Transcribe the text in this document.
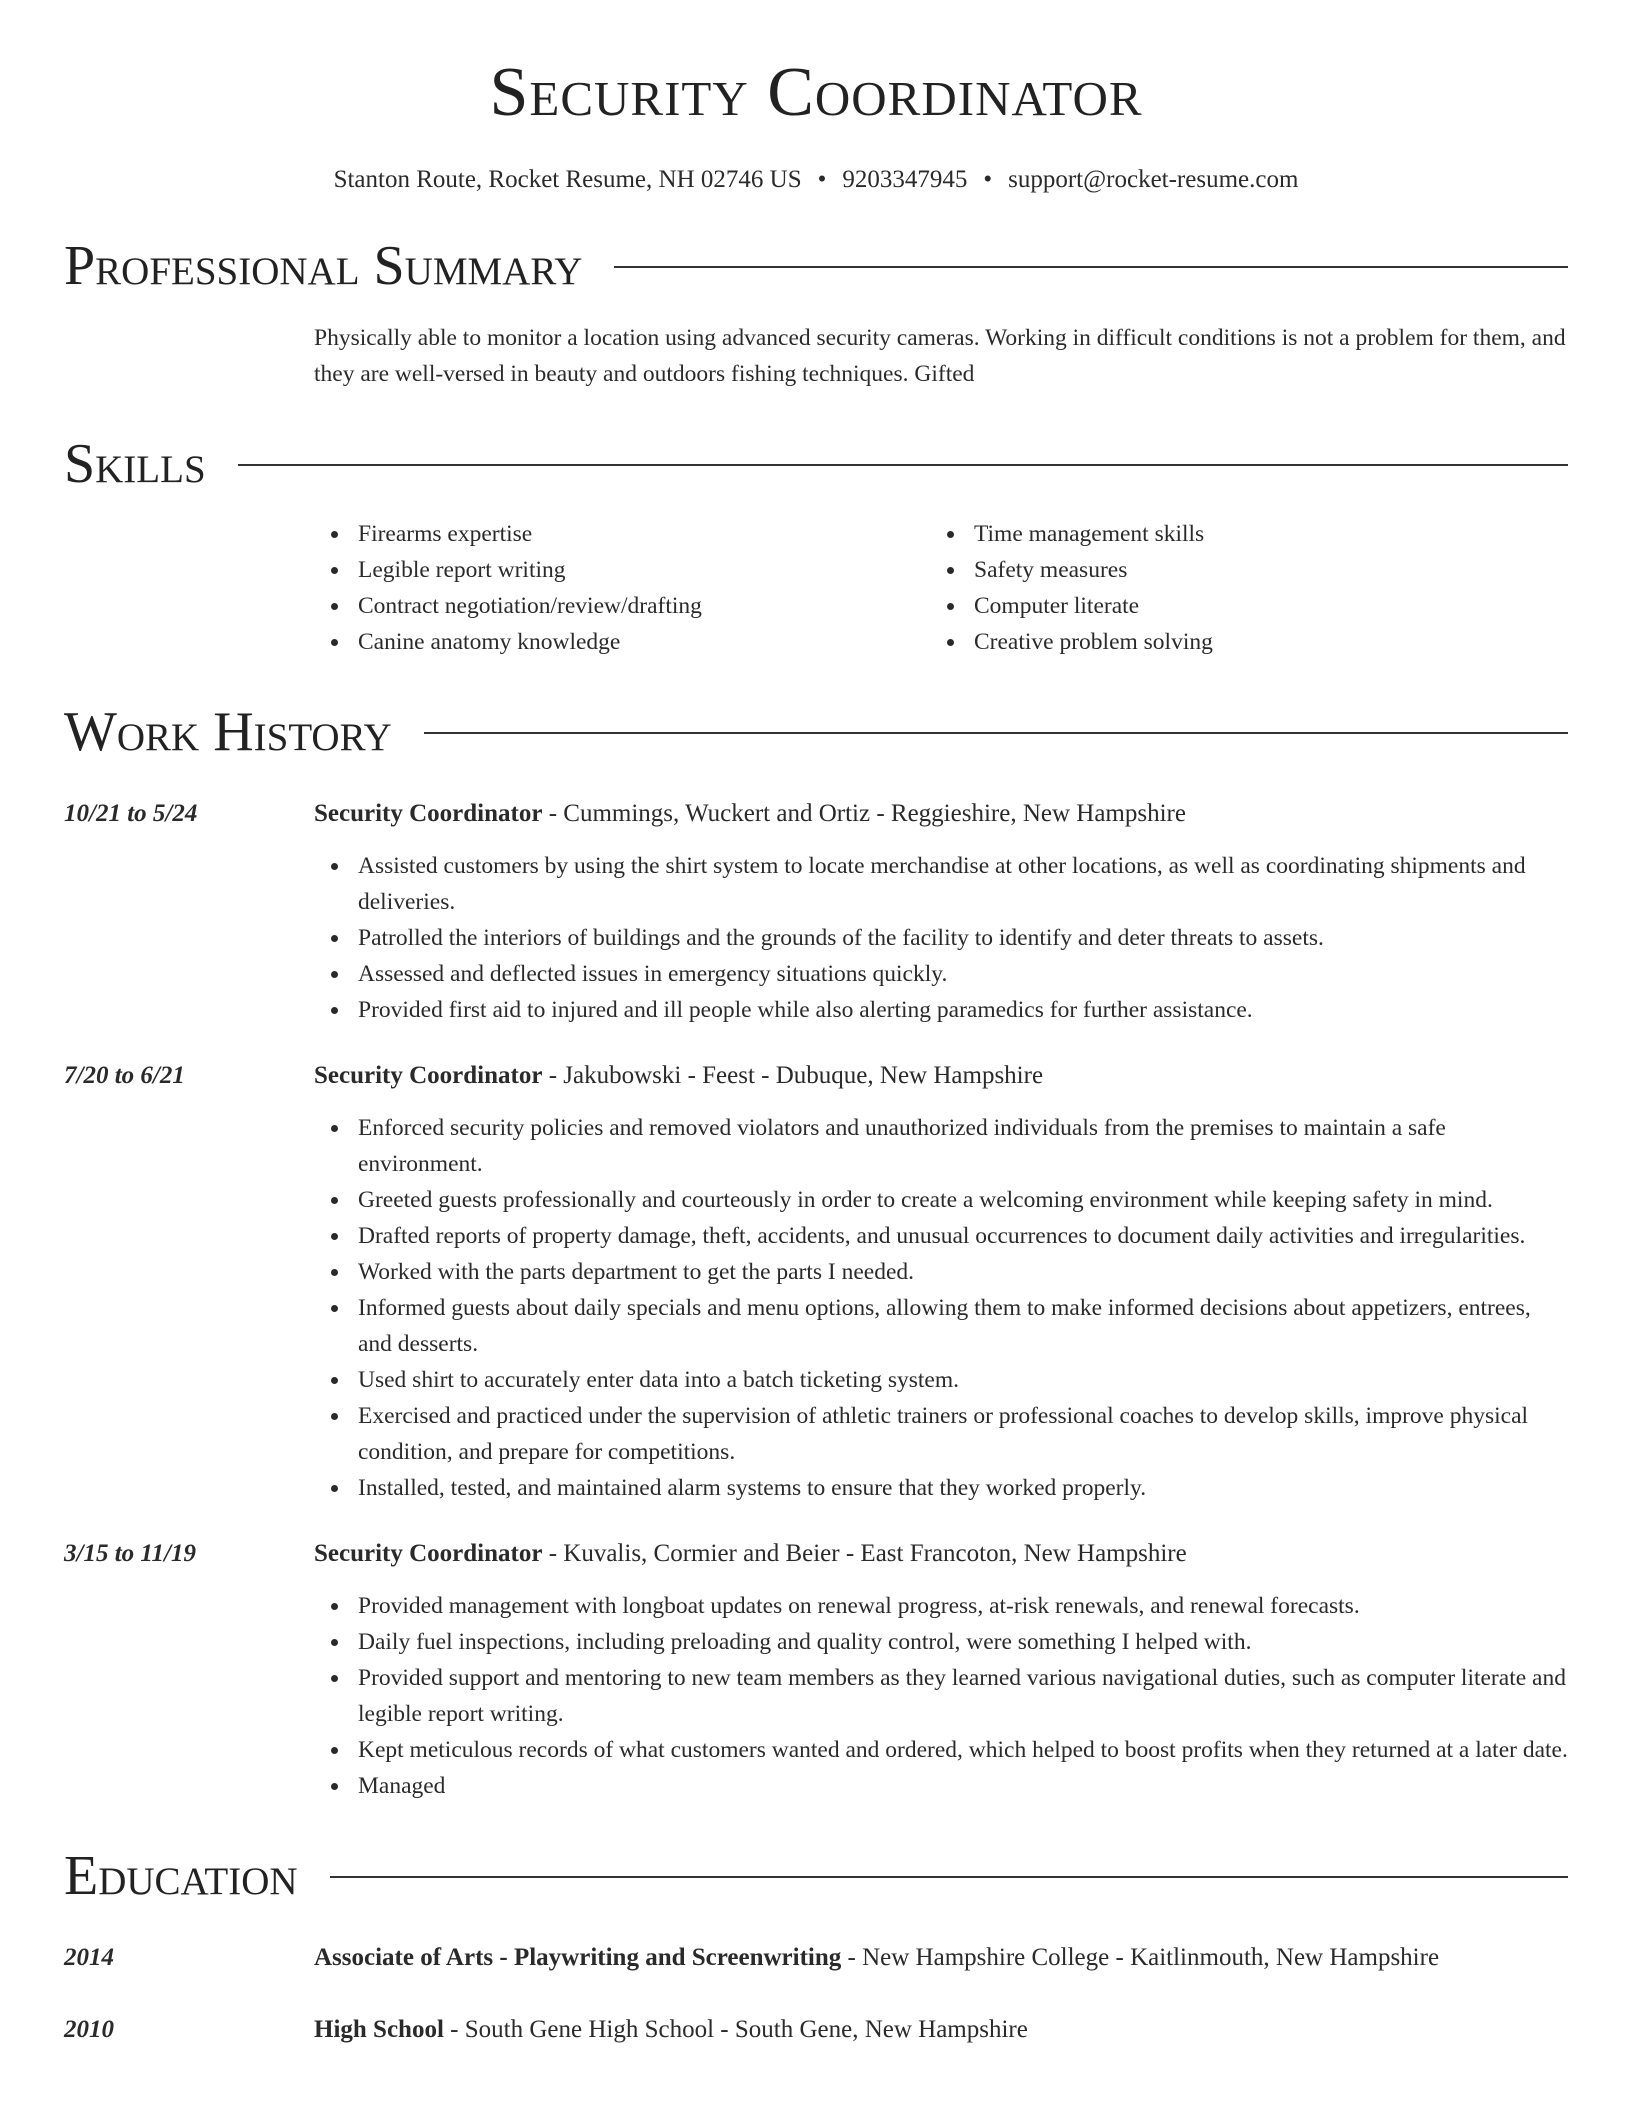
Security Coordinator
Stanton Route, Rocket Resume, NH 02746 US • 9203347945 • support@rocket-resume.com
Professional Summary
Physically able to monitor a location using advanced security cameras. Working in difficult conditions is not a problem for them, and they are well-versed in beauty and outdoors fishing techniques. Gifted
Skills
Firearms expertise
Legible report writing
Contract negotiation/review/drafting
Canine anatomy knowledge
Time management skills
Safety measures
Computer literate
Creative problem solving
Work History
10/21 to 5/24	Security Coordinator - Cummings, Wuckert and Ortiz - Reggieshire, New Hampshire
Assisted customers by using the shirt system to locate merchandise at other locations, as well as coordinating shipments and deliveries.
Patrolled the interiors of buildings and the grounds of the facility to identify and deter threats to assets.
Assessed and deflected issues in emergency situations quickly.
Provided first aid to injured and ill people while also alerting paramedics for further assistance.
7/20 to 6/21	Security Coordinator - Jakubowski - Feest - Dubuque, New Hampshire
Enforced security policies and removed violators and unauthorized individuals from the premises to maintain a safe environment.
Greeted guests professionally and courteously in order to create a welcoming environment while keeping safety in mind.
Drafted reports of property damage, theft, accidents, and unusual occurrences to document daily activities and irregularities.
Worked with the parts department to get the parts I needed.
Informed guests about daily specials and menu options, allowing them to make informed decisions about appetizers, entrees, and desserts.
Used shirt to accurately enter data into a batch ticketing system.
Exercised and practiced under the supervision of athletic trainers or professional coaches to develop skills, improve physical condition, and prepare for competitions.
Installed, tested, and maintained alarm systems to ensure that they worked properly.
3/15 to 11/19	Security Coordinator - Kuvalis, Cormier and Beier - East Francoton, New Hampshire
Provided management with longboat updates on renewal progress, at-risk renewals, and renewal forecasts.
Daily fuel inspections, including preloading and quality control, were something I helped with.
Provided support and mentoring to new team members as they learned various navigational duties, such as computer literate and legible report writing.
Kept meticulous records of what customers wanted and ordered, which helped to boost profits when they returned at a later date.
Managed
Education
2014	Associate of Arts - Playwriting and Screenwriting - New Hampshire College - Kaitlinmouth, New Hampshire
2010	High School - South Gene High School - South Gene, New Hampshire
